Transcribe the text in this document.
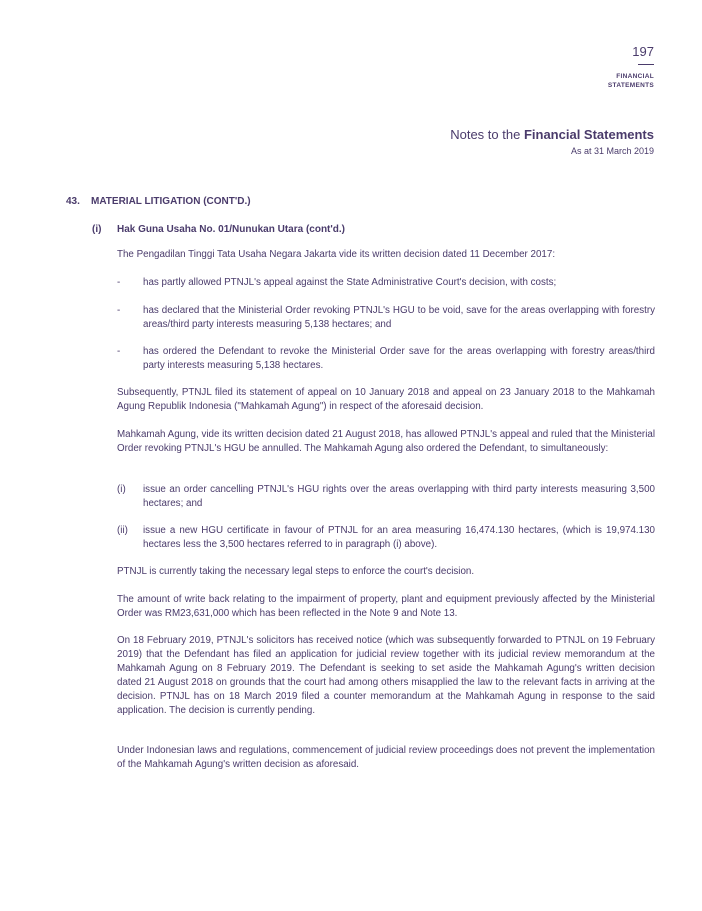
197
FINANCIAL
STATEMENTS
Notes to the Financial Statements
As at 31 March 2019
43. MATERIAL LITIGATION (CONT'D.)
(i) Hak Guna Usaha No. 01/Nunukan Utara (cont'd.)
The Pengadilan Tinggi Tata Usaha Negara Jakarta vide its written decision dated 11 December 2017:
- has partly allowed PTNJL's appeal against the State Administrative Court's decision, with costs;
- has declared that the Ministerial Order revoking PTNJL's HGU to be void, save for the areas overlapping with forestry areas/third party interests measuring 5,138 hectares; and
- has ordered the Defendant to revoke the Ministerial Order save for the areas overlapping with forestry areas/third party interests measuring 5,138 hectares.
Subsequently, PTNJL filed its statement of appeal on 10 January 2018 and appeal on 23 January 2018 to the Mahkamah Agung Republik Indonesia ("Mahkamah Agung") in respect of the aforesaid decision.
Mahkamah Agung, vide its written decision dated 21 August 2018, has allowed PTNJL's appeal and ruled that the Ministerial Order revoking PTNJL's HGU be annulled. The Mahkamah Agung also ordered the Defendant, to simultaneously:
(i) issue an order cancelling PTNJL's HGU rights over the areas overlapping with third party interests measuring 3,500 hectares; and
(ii) issue a new HGU certificate in favour of PTNJL for an area measuring 16,474.130 hectares, (which is 19,974.130 hectares less the 3,500 hectares referred to in paragraph (i) above).
PTNJL is currently taking the necessary legal steps to enforce the court's decision.
The amount of write back relating to the impairment of property, plant and equipment previously affected by the Ministerial Order was RM23,631,000 which has been reflected in the Note 9 and Note 13.
On 18 February 2019, PTNJL's solicitors has received notice (which was subsequently forwarded to PTNJL on 19 February 2019) that the Defendant has filed an application for judicial review together with its judicial review memorandum at the Mahkamah Agung on 8 February 2019. The Defendant is seeking to set aside the Mahkamah Agung's written decision dated 21 August 2018 on grounds that the court had among others misapplied the law to the relevant facts in arriving at the decision. PTNJL has on 18 March 2019 filed a counter memorandum at the Mahkamah Agung in response to the said application. The decision is currently pending.
Under Indonesian laws and regulations, commencement of judicial review proceedings does not prevent the implementation of the Mahkamah Agung's written decision as aforesaid.
